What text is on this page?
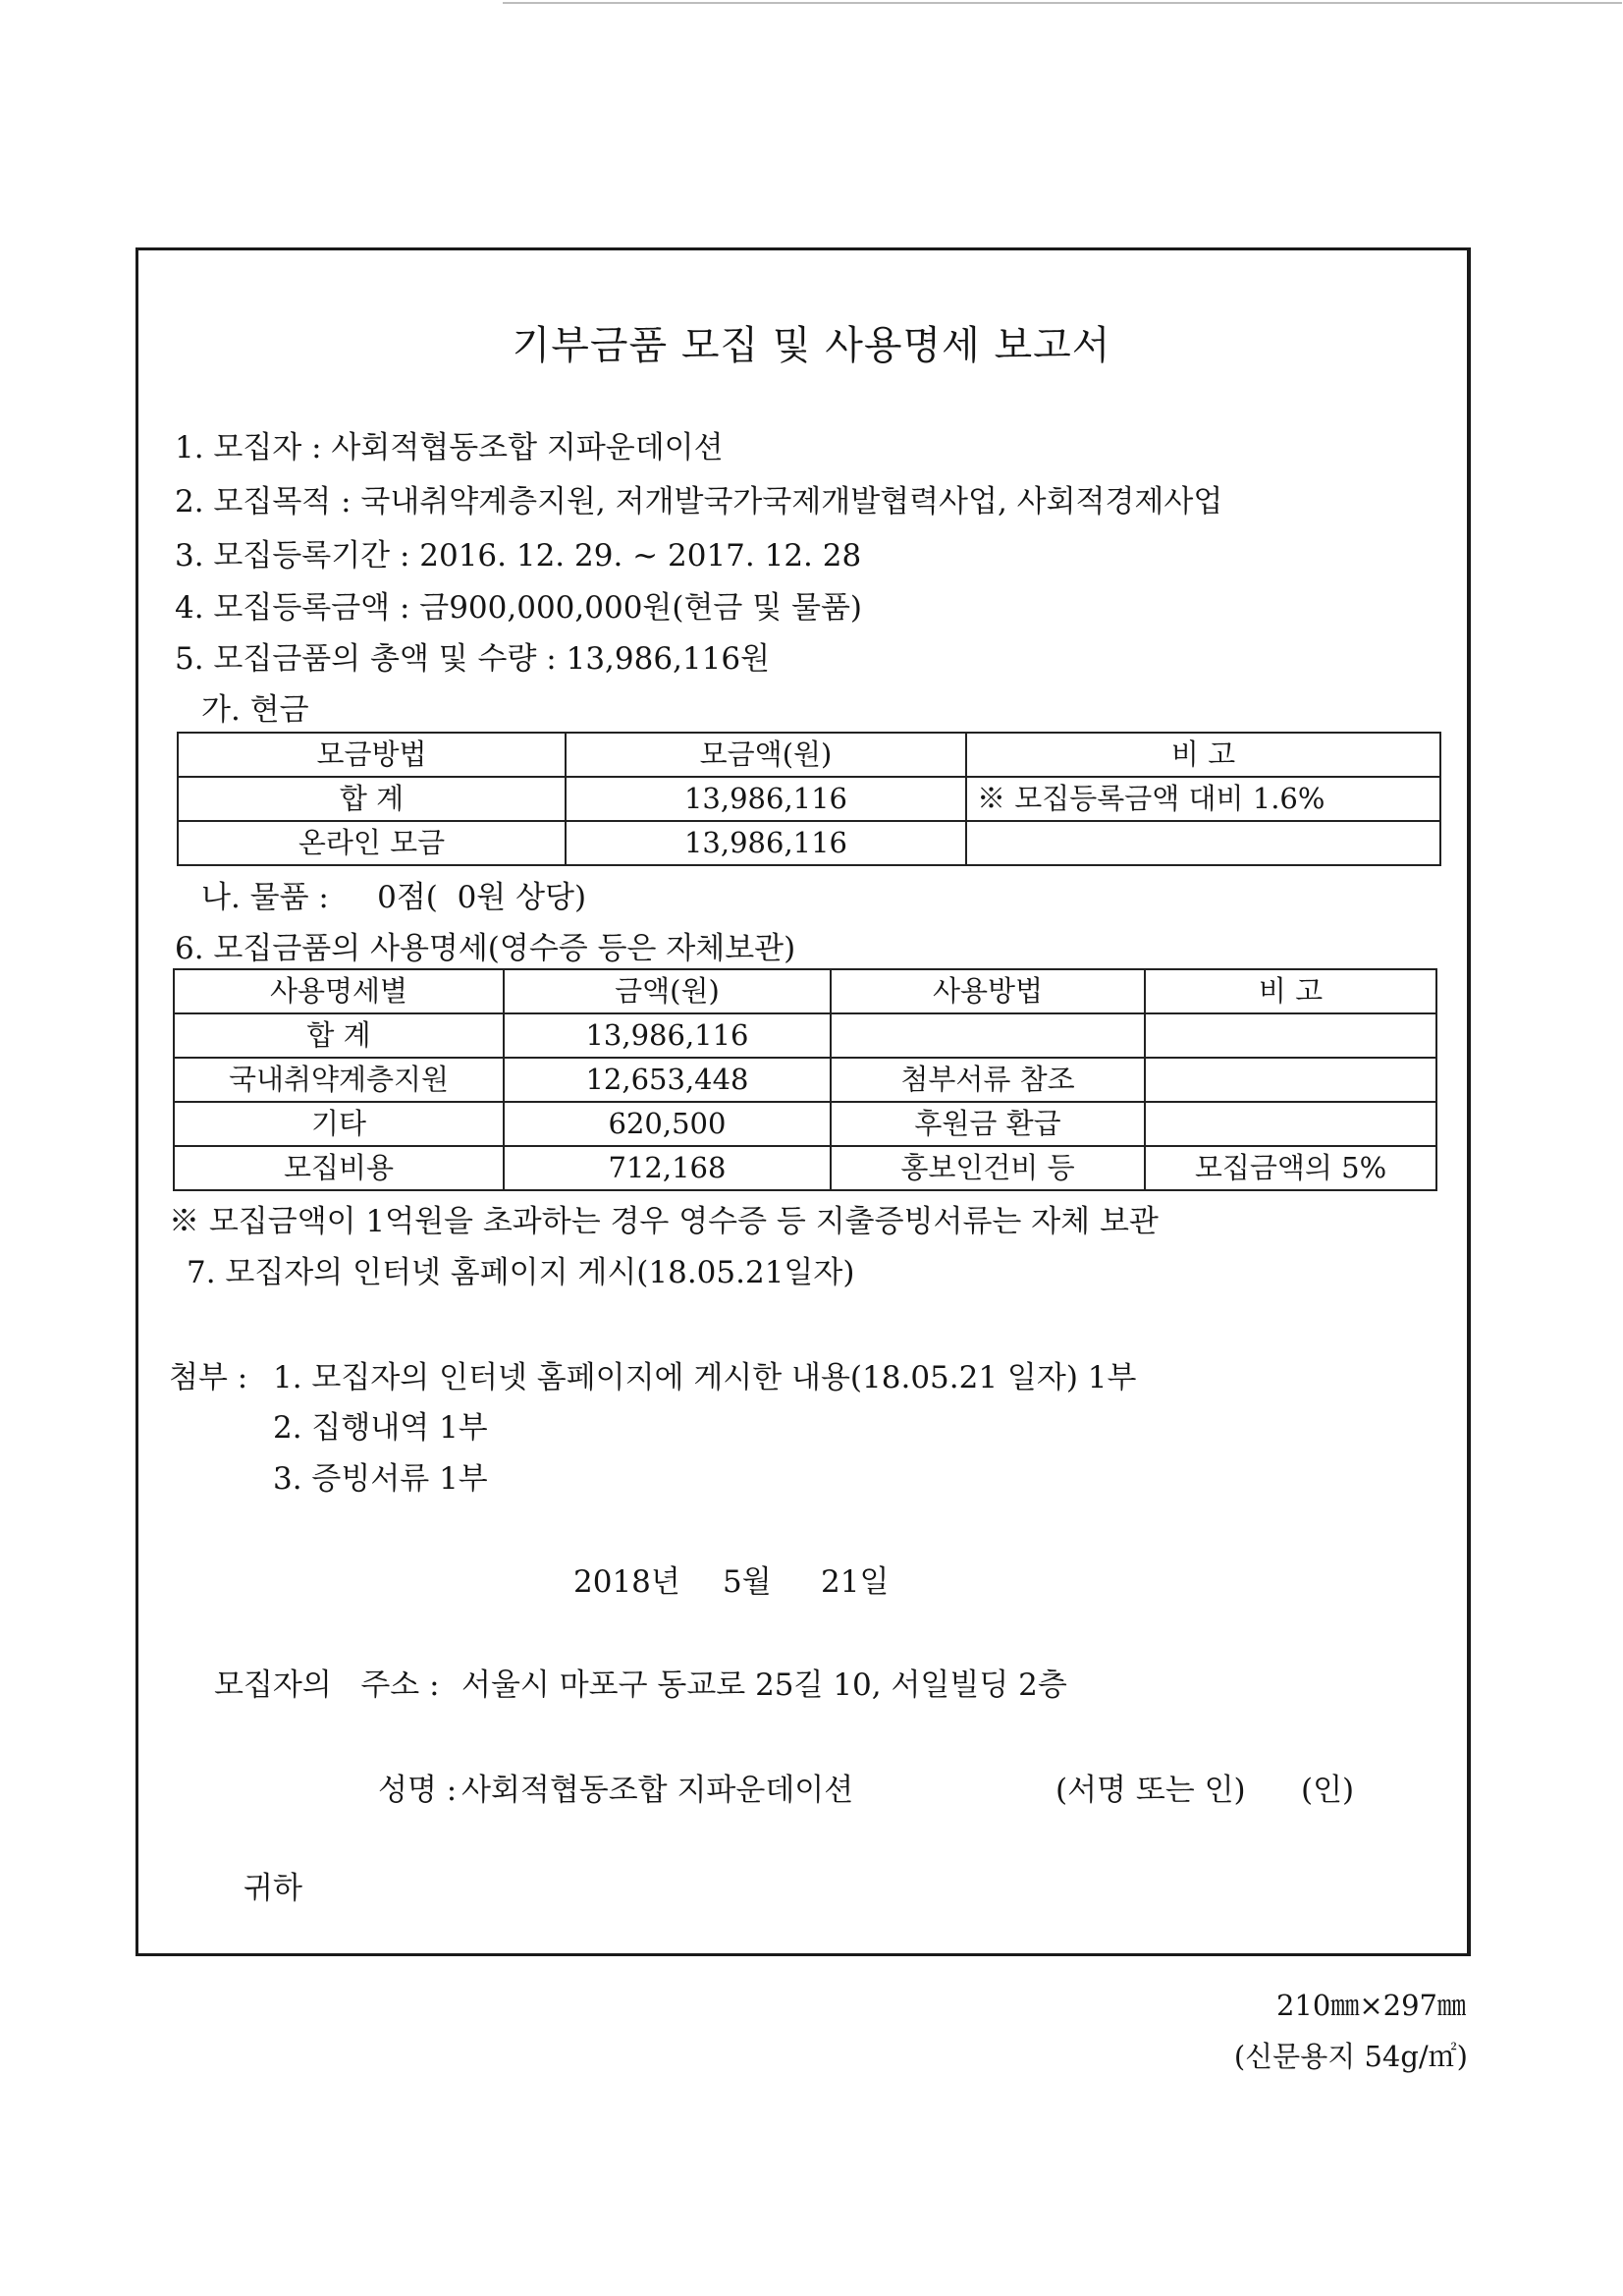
기부금품 모집 및 사용명세 보고서
1. 모집자 : 사회적협동조합 지파운데이션
2. 모집목적 : 국내취약계층지원, 저개발국가국제개발협력사업, 사회적경제사업
3. 모집등록기간 : 2016. 12. 29. ~ 2017. 12. 28
4. 모집등록금액 : 금900,000,000원(현금 및 물품)
5. 모집금품의 총액 및 수량 : 13,986,116원
가. 현금
모금방법	모금액(원)	비 고
합 계	13,986,116	※ 모집등록금액 대비 1.6%
온라인 모금	13,986,116	
나. 물품 :     0점(  0원 상당)
6. 모집금품의 사용명세(영수증 등은 자체보관)
사용명세별	금액(원)	사용방법	비 고
합 계	13,986,116		
국내취약계층지원	12,653,448	첨부서류 참조	
기타	620,500	후원금 환급	
모집비용	712,168	홍보인건비 등	모집금액의 5%
※ 모집금액이 1억원을 초과하는 경우 영수증 등 지출증빙서류는 자체 보관
7. 모집자의 인터넷 홈페이지 게시(18.05.21일자)
첨부 : 1. 모집자의 인터넷 홈페이지에 게시한 내용(18.05.21 일자) 1부
2. 집행내역 1부
3. 증빙서류 1부
2018년 5월 21일
모집자의   주소 : 서울시 마포구 동교로 25길 10, 서일빌딩 2층
성명 : 사회적협동조합 지파운데이션	(서명 또는 인) (인)
귀하
210㎜×297㎜
(신문용지 54g/㎡)
